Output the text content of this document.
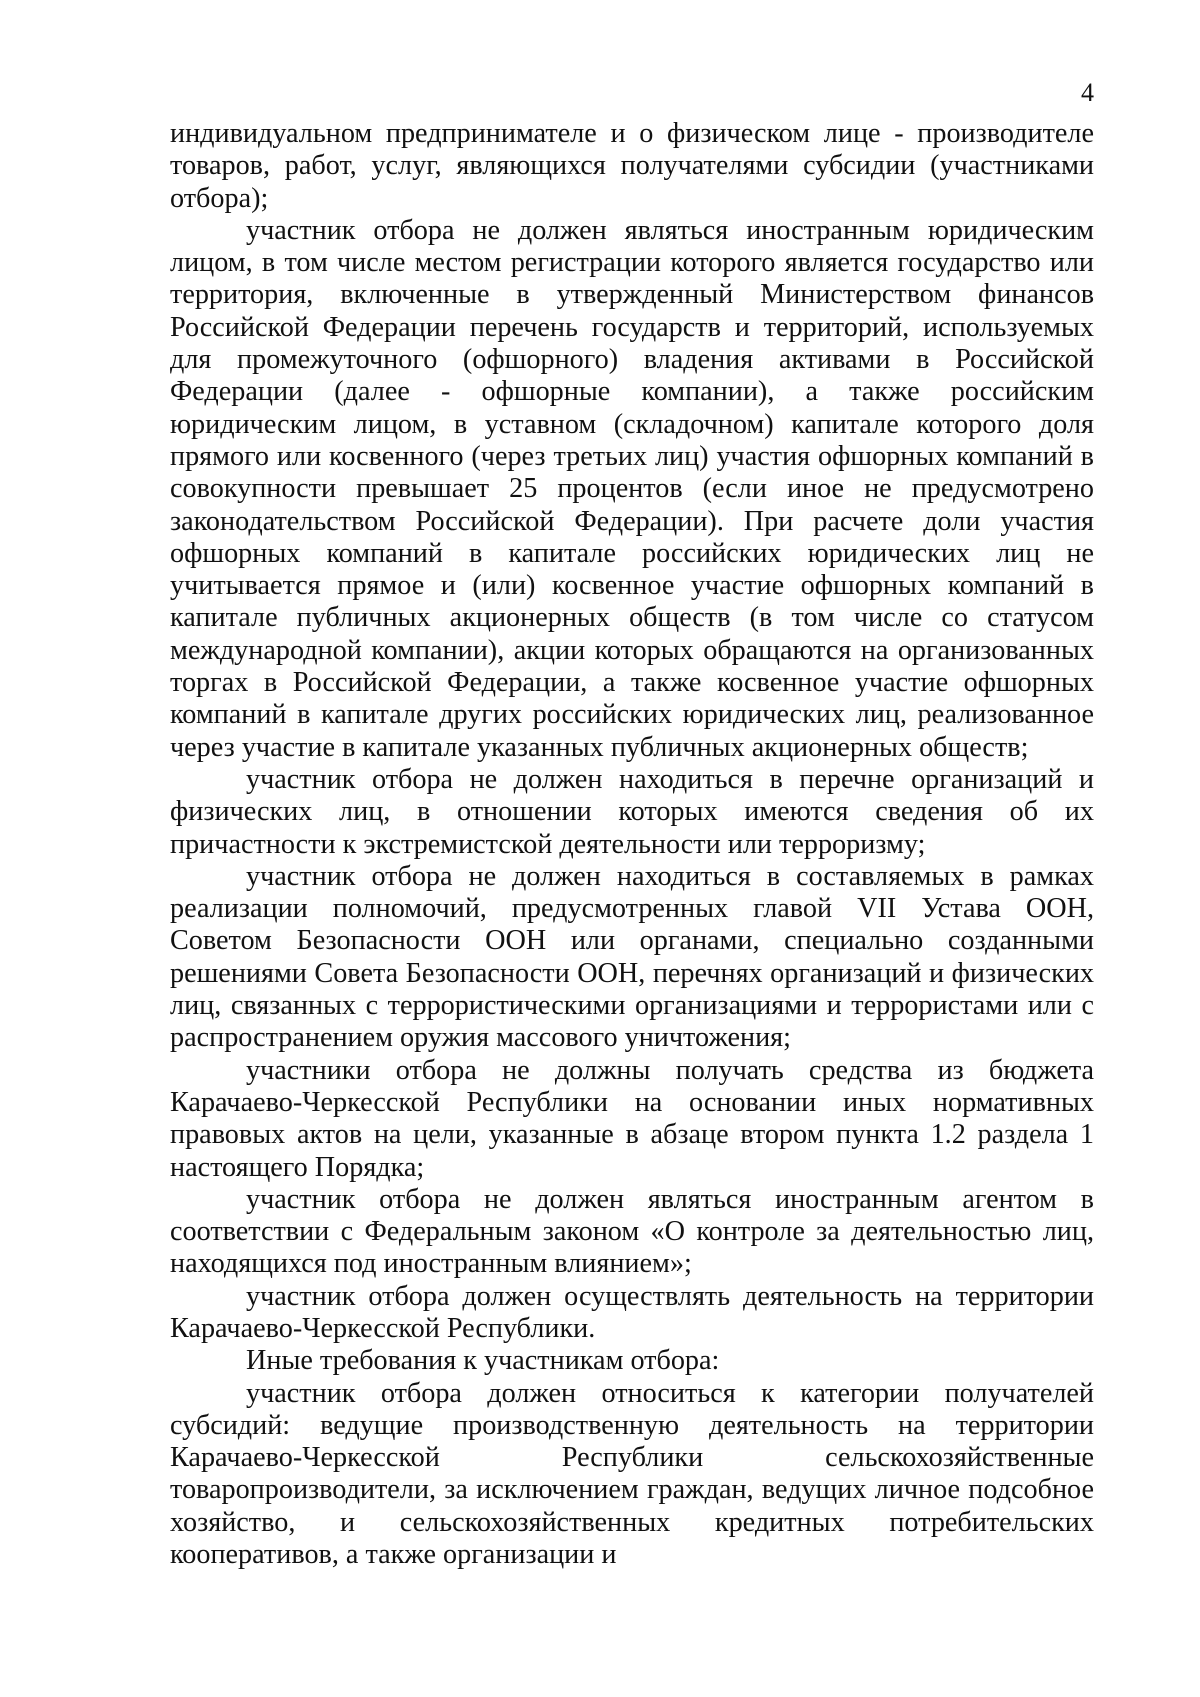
4

индивидуальном предпринимателе и о физическом лице - производителе товаров, работ, услуг, являющихся получателями субсидии (участниками отбора);

участник отбора не должен являться иностранным юридическим лицом, в том числе местом регистрации которого является государство или территория, включенные в утвержденный Министерством финансов Российской Федерации перечень государств и территорий, используемых для промежуточного (офшорного) владения активами в Российской Федерации (далее - офшорные компании), а также российским юридическим лицом, в уставном (складочном) капитале которого доля прямого или косвенного (через третьих лиц) участия офшорных компаний в совокупности превышает 25 процентов (если иное не предусмотрено законодательством Российской Федерации). При расчете доли участия офшорных компаний в капитале российских юридических лиц не учитывается прямое и (или) косвенное участие офшорных компаний в капитале публичных акционерных обществ (в том числе со статусом международной компании), акции которых обращаются на организованных торгах в Российской Федерации, а также косвенное участие офшорных компаний в капитале других российских юридических лиц, реализованное через участие в капитале указанных публичных акционерных обществ;

участник отбора не должен находиться в перечне организаций и физических лиц, в отношении которых имеются сведения об их причастности к экстремистской деятельности или терроризму;

участник отбора не должен находиться в составляемых в рамках реализации полномочий, предусмотренных главой VII Устава ООН, Советом Безопасности ООН или органами, специально созданными решениями Совета Безопасности ООН, перечнях организаций и физических лиц, связанных с террористическими организациями и террористами или с распространением оружия массового уничтожения;

участники отбора не должны получать средства из бюджета Карачаево-Черкесской Республики на основании иных нормативных правовых актов на цели, указанные в абзаце втором пункта 1.2 раздела 1 настоящего Порядка;

участник отбора не должен являться иностранным агентом в соответствии с Федеральным законом «О контроле за деятельностью лиц, находящихся под иностранным влиянием»;

участник отбора должен осуществлять деятельность на территории Карачаево-Черкесской Республики.

Иные требования к участникам отбора:

участник отбора должен относиться к категории получателей субсидий: ведущие производственную деятельность на территории Карачаево-Черкесской Республики сельскохозяйственные товаропроизводители, за исключением граждан, ведущих личное подсобное хозяйство, и сельскохозяйственных кредитных потребительских кооперативов, а также организации и
